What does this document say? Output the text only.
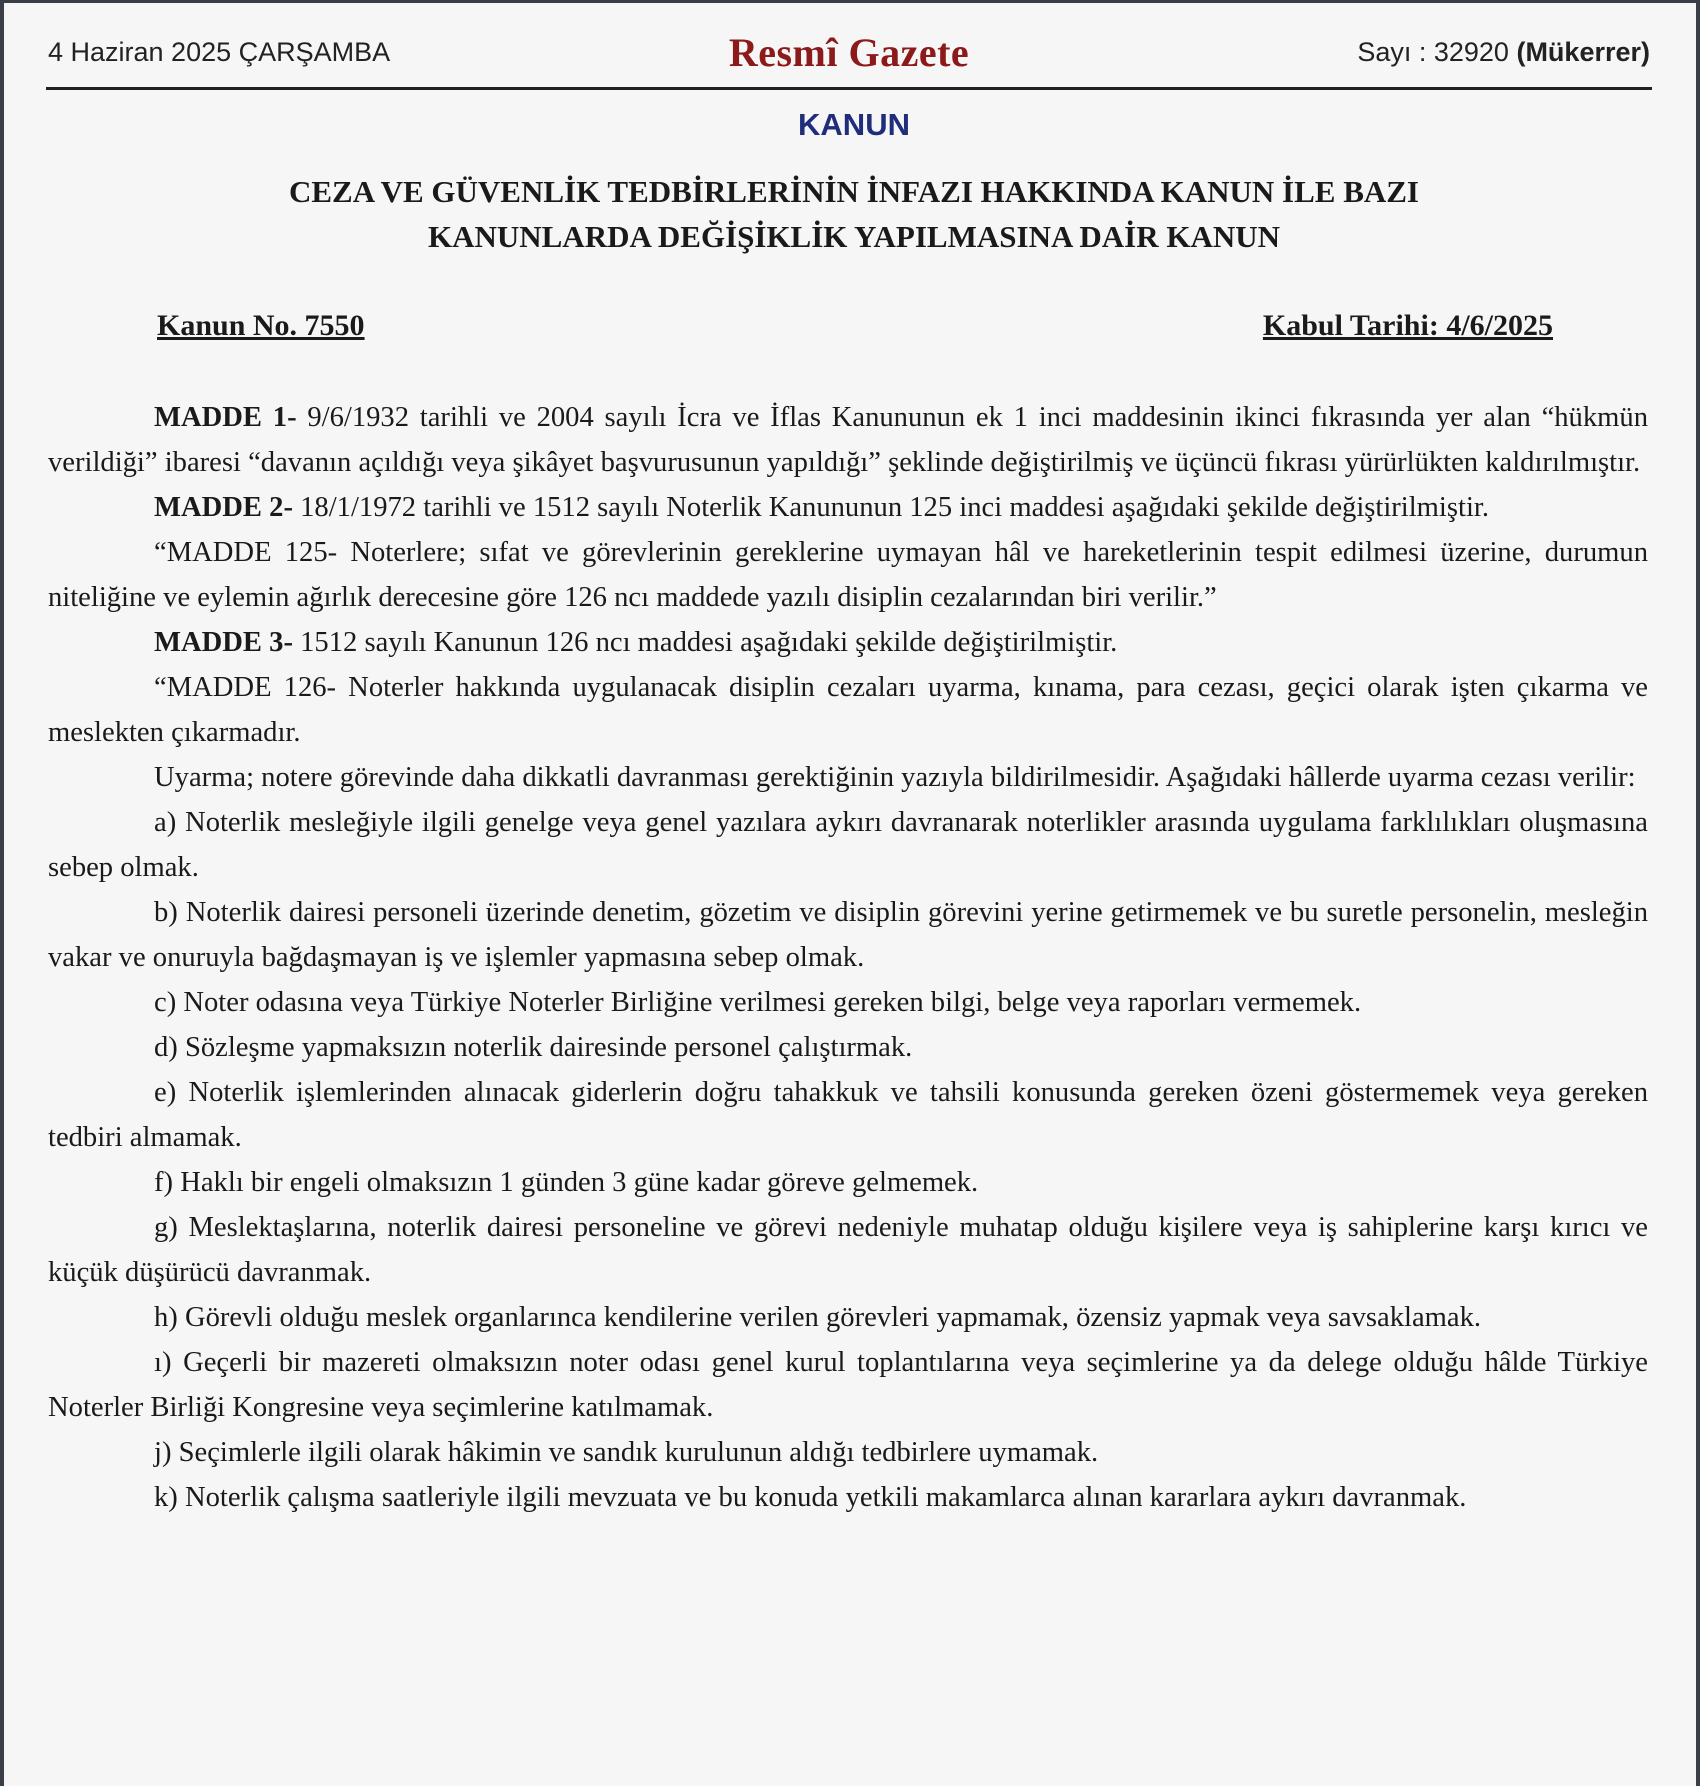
4 Haziran 2025 ÇARŞAMBA	Resmî Gazete	Sayı : 32920 (Mükerrer)
KANUN
CEZA VE GÜVENLİK TEDBİRLERİNİN İNFAZI HAKKINDA KANUN İLE BAZI
KANUNLARDA DEĞİŞİKLİK YAPILMASINA DAİR KANUN
Kanun No. 7550	Kabul Tarihi: 4/6/2025

MADDE 1- 9/6/1932 tarihli ve 2004 sayılı İcra ve İflas Kanununun ek 1 inci maddesinin ikinci fıkrasında yer alan “hükmün verildiği” ibaresi “davanın açıldığı veya şikâyet başvurusunun yapıldığı” şeklinde değiştirilmiş ve üçüncü fıkrası yürürlükten kaldırılmıştır.

MADDE 2- 18/1/1972 tarihli ve 1512 sayılı Noterlik Kanununun 125 inci maddesi aşağıdaki şekilde değiştirilmiştir.

“MADDE 125- Noterlere; sıfat ve görevlerinin gereklerine uymayan hâl ve hareketlerinin tespit edilmesi üzerine, durumun niteliğine ve eylemin ağırlık derecesine göre 126 ncı maddede yazılı disiplin cezalarından biri verilir.”

MADDE 3- 1512 sayılı Kanunun 126 ncı maddesi aşağıdaki şekilde değiştirilmiştir.

“MADDE 126- Noterler hakkında uygulanacak disiplin cezaları uyarma, kınama, para cezası, geçici olarak işten çıkarma ve meslekten çıkarmadır.

Uyarma; notere görevinde daha dikkatli davranması gerektiğinin yazıyla bildirilmesidir. Aşağıdaki hâllerde uyarma cezası verilir:

a) Noterlik mesleğiyle ilgili genelge veya genel yazılara aykırı davranarak noterlikler arasında uygulama farklılıkları oluşmasına sebep olmak.

b) Noterlik dairesi personeli üzerinde denetim, gözetim ve disiplin görevini yerine getirmemek ve bu suretle personelin, mesleğin vakar ve onuruyla bağdaşmayan iş ve işlemler yapmasına sebep olmak.

c) Noter odasına veya Türkiye Noterler Birliğine verilmesi gereken bilgi, belge veya raporları vermemek.

d) Sözleşme yapmaksızın noterlik dairesinde personel çalıştırmak.

e) Noterlik işlemlerinden alınacak giderlerin doğru tahakkuk ve tahsili konusunda gereken özeni göstermemek veya gereken tedbiri almamak.

f) Haklı bir engeli olmaksızın 1 günden 3 güne kadar göreve gelmemek.

g) Meslektaşlarına, noterlik dairesi personeline ve görevi nedeniyle muhatap olduğu kişilere veya iş sahiplerine karşı kırıcı ve küçük düşürücü davranmak.

h) Görevli olduğu meslek organlarınca kendilerine verilen görevleri yapmamak, özensiz yapmak veya savsaklamak.

ı) Geçerli bir mazereti olmaksızın noter odası genel kurul toplantılarına veya seçimlerine ya da delege olduğu hâlde Türkiye Noterler Birliği Kongresine veya seçimlerine katılmamak.

j) Seçimlerle ilgili olarak hâkimin ve sandık kurulunun aldığı tedbirlere uymamak.

k) Noterlik çalışma saatleriyle ilgili mevzuata ve bu konuda yetkili makamlarca alınan kararlara aykırı davranmak.
